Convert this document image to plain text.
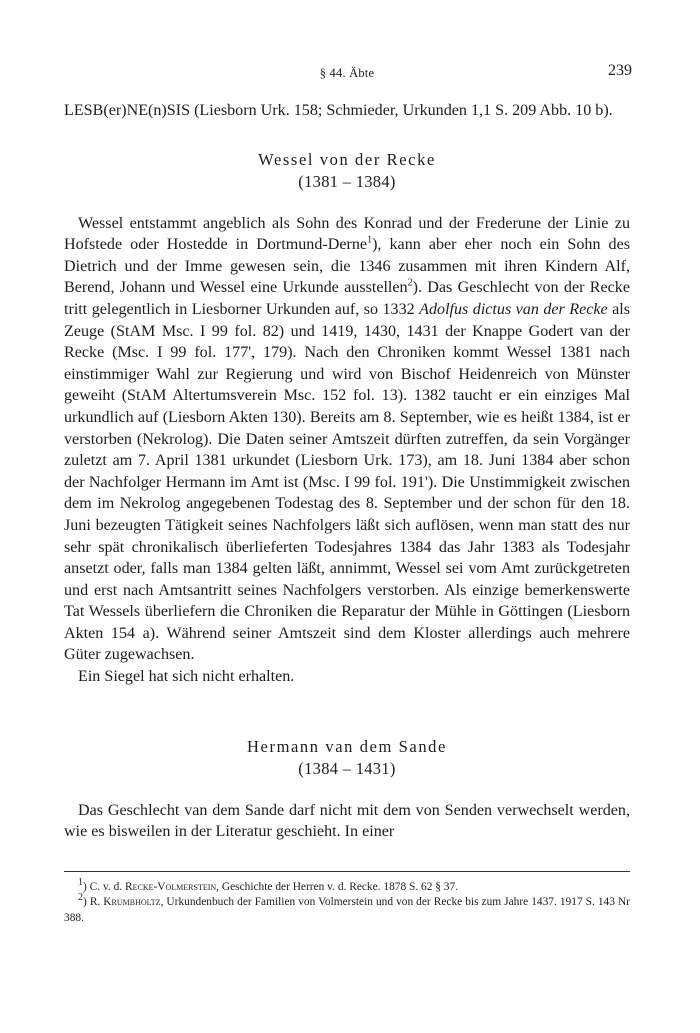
§ 44. Äbte	239

LESB(er)NE(n)SIS (Liesborn Urk. 158; Schmieder, Urkunden 1,1 S. 209 Abb. 10 b).

Wessel von der Recke
(1381 – 1384)

Wessel entstammt angeblich als Sohn des Konrad und der Frederune der Linie zu Hofstede oder Hostedde in Dortmund-Derne$^1$), kann aber eher noch ein Sohn des Dietrich und der Imme gewesen sein, die 1346 zusammen mit ihren Kindern Alf, Berend, Johann und Wessel eine Urkunde ausstellen$^2$). Das Geschlecht von der Recke tritt gelegentlich in Liesborner Urkunden auf, so 1332 Adolfus dictus van der Recke als Zeuge (StAM Msc. I 99 fol. 82) und 1419, 1430, 1431 der Knappe Godert van der Recke (Msc. I 99 fol. 177', 179). Nach den Chroniken kommt Wessel 1381 nach einstimmiger Wahl zur Regierung und wird von Bischof Heidenreich von Münster geweiht (StAM Altertumsverein Msc. 152 fol. 13). 1382 taucht er ein einziges Mal urkundlich auf (Liesborn Akten 130). Bereits am 8. September, wie es heißt 1384, ist er verstorben (Nekrolog). Die Daten seiner Amtszeit dürften zutreffen, da sein Vorgänger zuletzt am 7. April 1381 urkundet (Liesborn Urk. 173), am 18. Juni 1384 aber schon der Nachfolger Hermann im Amt ist (Msc. I 99 fol. 191'). Die Unstimmigkeit zwischen dem im Nekrolog angegebenen Todestag des 8. September und der schon für den 18. Juni bezeugten Tätigkeit seines Nachfolgers läßt sich auflösen, wenn man statt des nur sehr spät chronikalisch überlieferten Todesjahres 1384 das Jahr 1383 als Todesjahr ansetzt oder, falls man 1384 gelten läßt, annimmt, Wessel sei vom Amt zurückgetreten und erst nach Amtsantritt seines Nachfolgers verstorben. Als einzige bemerkenswerte Tat Wessels überliefern die Chroniken die Reparatur der Mühle in Göttingen (Liesborn Akten 154 a). Während seiner Amtszeit sind dem Kloster allerdings auch mehrere Güter zugewachsen.

Ein Siegel hat sich nicht erhalten.

Hermann van dem Sande
(1384 – 1431)

Das Geschlecht van dem Sande darf nicht mit dem von Senden verwechselt werden, wie es bisweilen in der Literatur geschieht. In einer

$^1$) C. v. d. Recke-Volmerstein, Geschichte der Herren v. d. Recke. 1878 S. 62 § 37.

$^2$) R. Krumbholtz, Urkundenbuch der Familien von Volmerstein und von der Recke bis zum Jahre 1437. 1917 S. 143 Nr 388.
